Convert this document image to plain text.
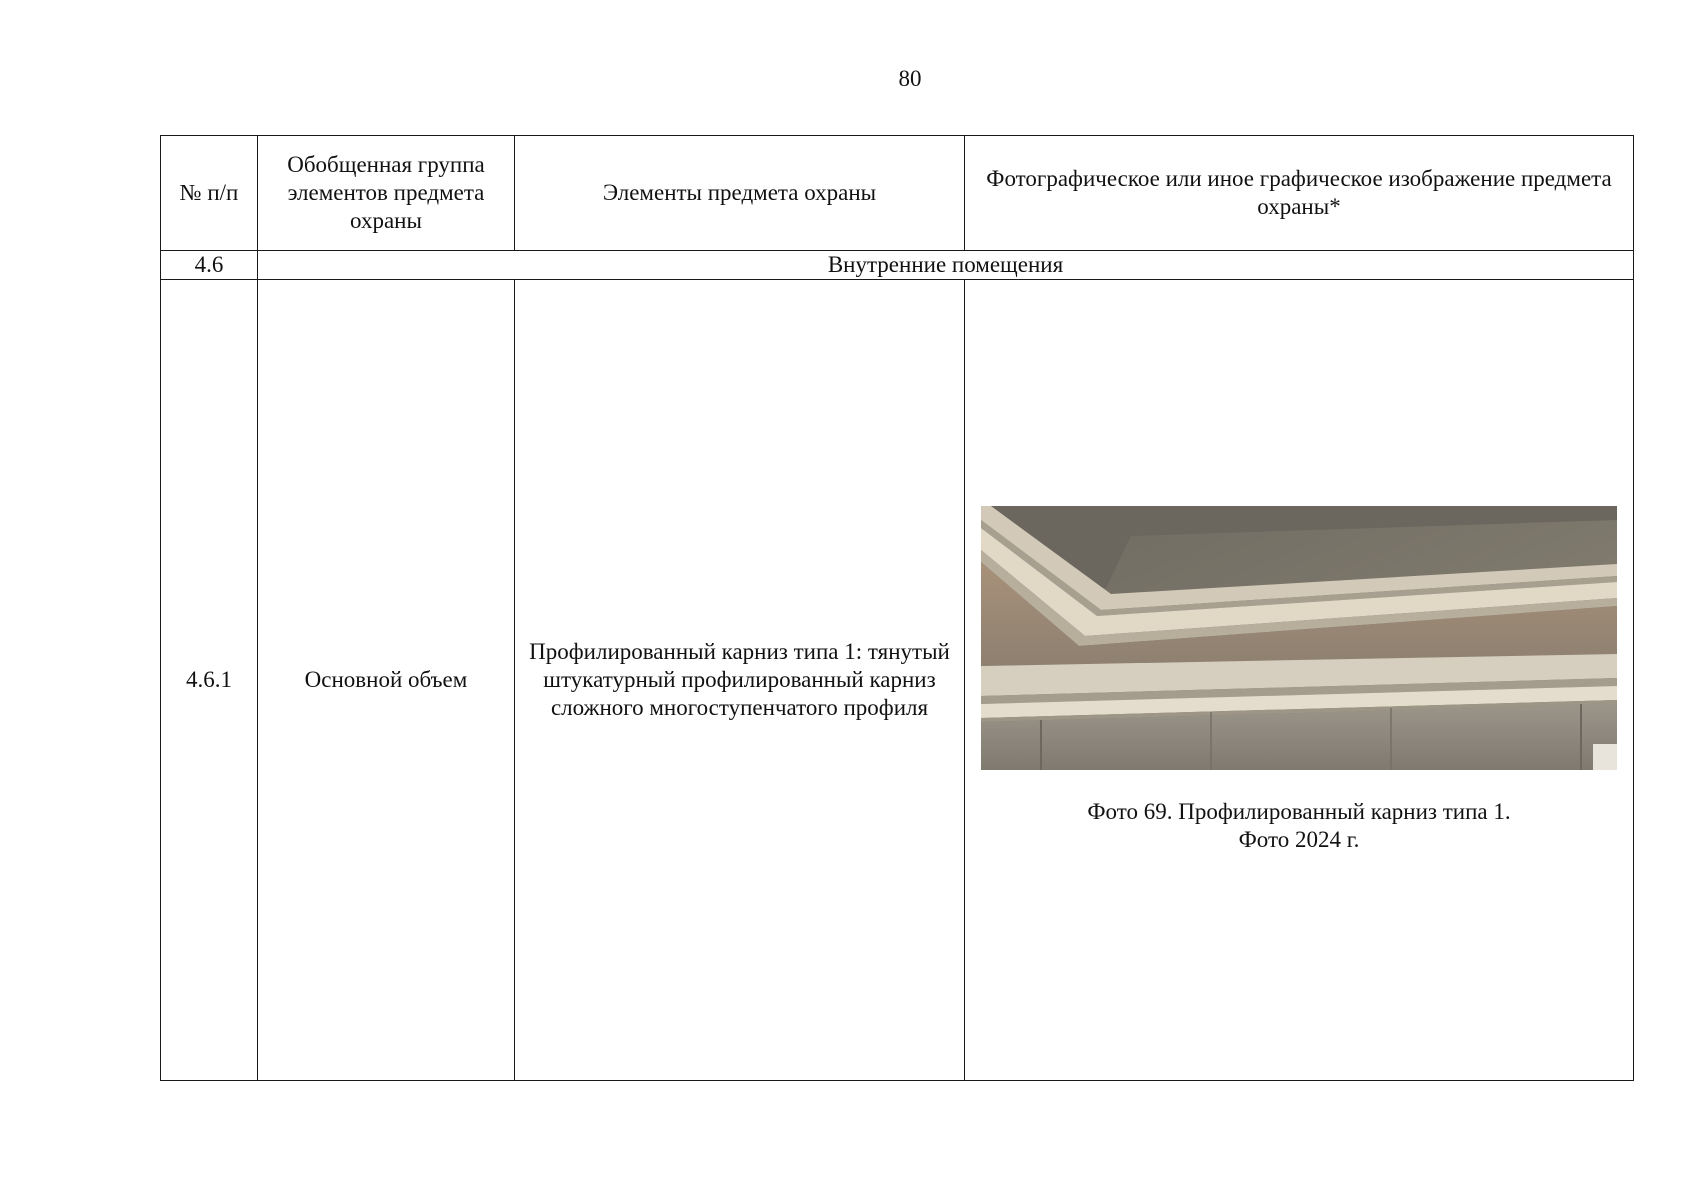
80
№ п/п	Обобщенная группа элементов предмета охраны	Элементы предмета охраны	Фотографическое или иное графическое изображение предмета охраны*
4.6	Внутренние помещения		
4.6.1	Основной объем	Профилированный карниз типа 1: тянутый штукатурный профилированный карниз сложного многоступенчатого профиля	Фото 69. Профилированный карниз типа 1.
Фото 2024 г.
